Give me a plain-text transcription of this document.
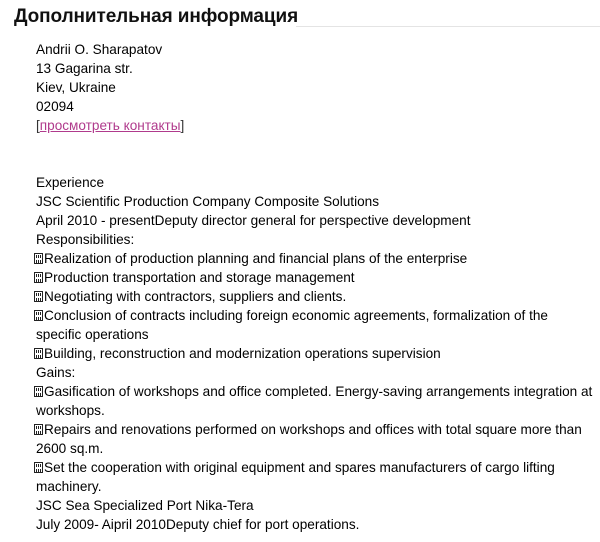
Дополнительная информация
Andrii O. Sharapatov
13 Gagarina str.
Kiev, Ukraine
02094
[просмотреть контакты]
Experience
JSC Scientific Production Company Composite Solutions
April 2010 - presentDeputy director general for perspective development
Responsibilities:
Realization of production planning and financial plans of the enterprise
Production transportation and storage management
Negotiating with contractors, suppliers and clients.
Conclusion of contracts including foreign economic agreements, formalization of the specific operations
Building, reconstruction and modernization operations supervision
Gains:
Gasification of workshops and office completed. Energy-saving arrangements integration at workshops.
Repairs and renovations performed on workshops and offices with total square more than 2600 sq.m.
Set the cooperation with original equipment and spares manufacturers of cargo lifting machinery.
JSC Sea Specialized Port Nika-Tera
July 2009- Aipril 2010Deputy chief for port operations.
